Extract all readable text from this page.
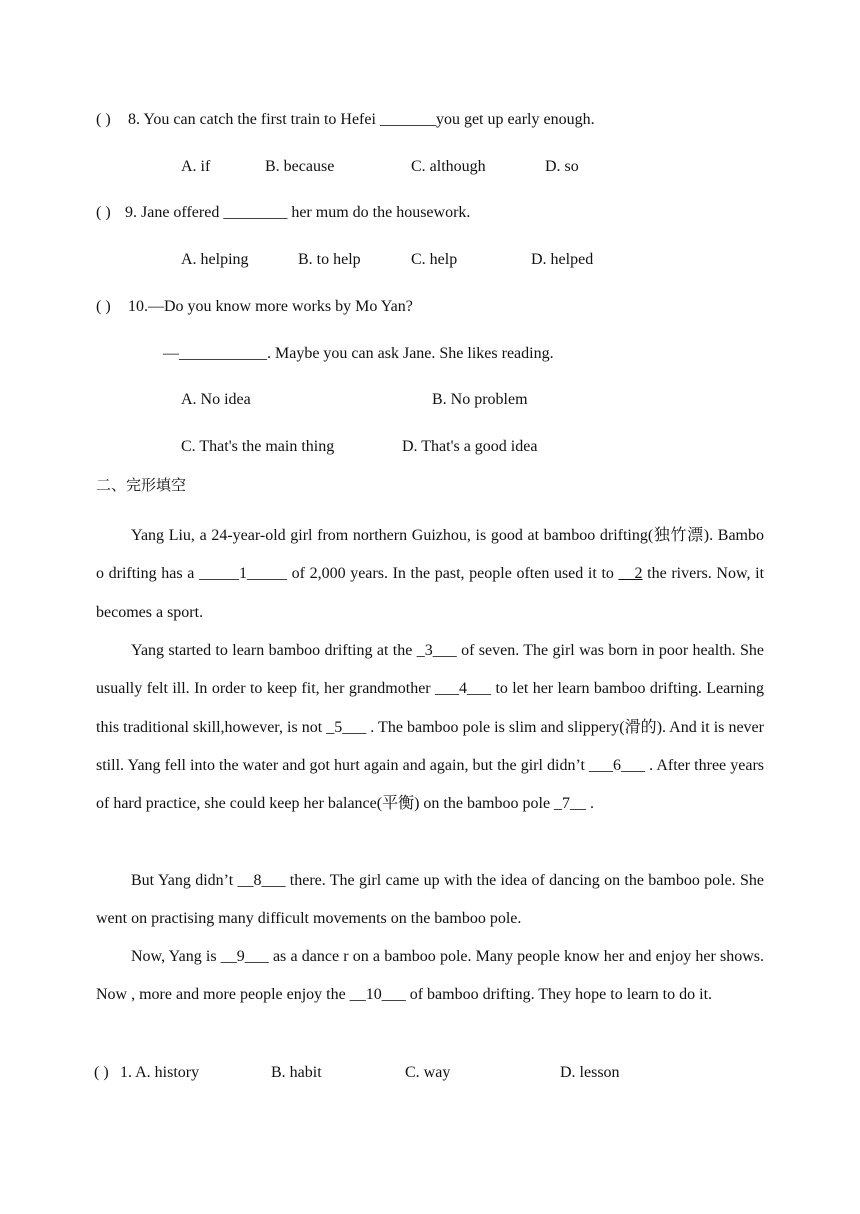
( ) 8. You can catch the first train to Hefei _______you get up early enough.
A. if	B. because	C. although	D. so
( ) 9. Jane offered ________ her mum do the housework.
A. helping	B. to help	C. help	D. helped
( ) 10.—Do you know more works by Mo Yan?
—___________. Maybe you can ask Jane. She likes reading.
A. No idea	B. No problem
C. That's the main thing	D. That's a good idea
二、完形填空
Yang Liu, a 24-year-old girl from northern Guizhou, is good at bamboo drifting(独竹漂). Bambo o drifting has a _____1_____ of 2,000 years. In the past, people often used it to __2 the rivers. Now, it becomes a sport.
Yang started to learn bamboo drifting at the _3___ of seven. The girl was born in poor health. She usually felt ill. In order to keep fit, her grandmother ___4___ to let her learn bamboo drifting. Learning this traditional skill,however, is not _5___ . The bamboo pole is slim and slippery(滑的). And it is never still. Yang fell into the water and got hurt again and again, but the girl didn’t ___6___ . After three years of hard practice, she could keep her balance(平衡) on the bamboo pole _7__ .
But Yang didn’t __8___ there. The girl came up with the idea of dancing on the bamboo pole. She went on practising many difficult movements on the bamboo pole.
Now, Yang is __9___ as a dance r on a bamboo pole. Many people know her and enjoy her shows. Now , more and more people enjoy the __10___ of bamboo drifting. They hope to learn to do it.
( ) 1. A. history	B. habit	C. way	D. lesson
